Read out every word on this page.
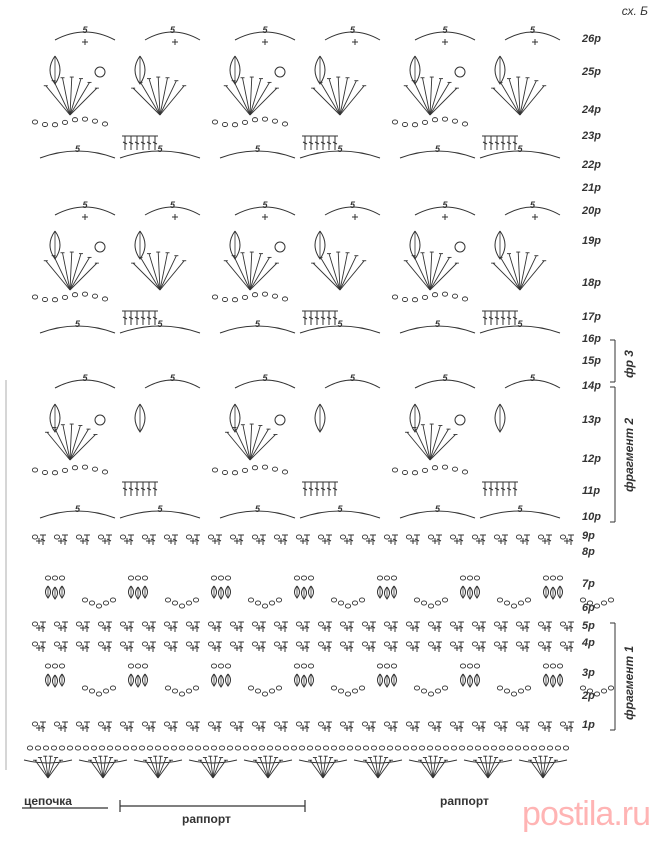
5	5
5	5
5	5
5	5
5	5
5	5
5	5
5	5
5	5
5	5
5	5
5	5
5	5
5	5
5	5
5	5
5	5
5	5
сх. Б
26р
25р
24р
23р
22р
21р
20р
19р
18р
17р
16р
15р
14р
13р
12р
11р
10р
9р
8р
7р
6р
5р
4р
3р
2р
1р
фр 3
фрагмент 2
фрагмент 1
цепочка
раппорт
раппорт postila.ru
